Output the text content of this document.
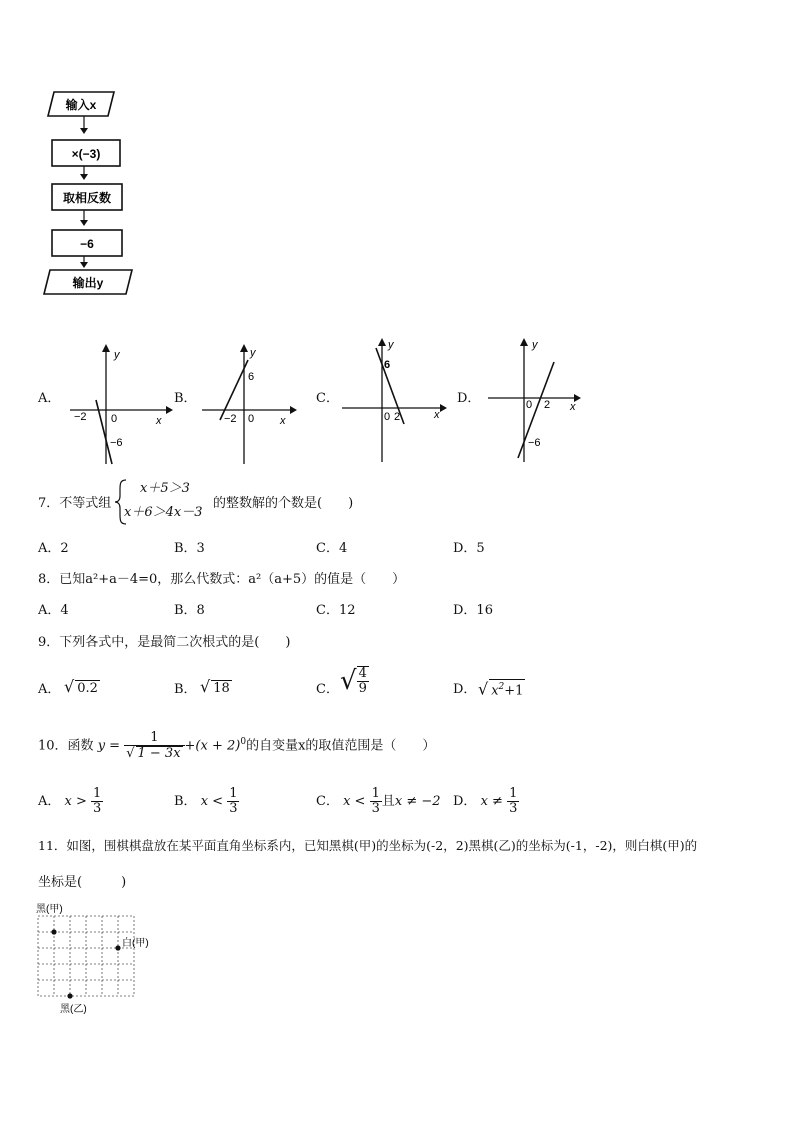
输入x
×(−3)
取相反数
−6
输出y
A．
y
x
0
−2
−6
B．
y
x
0
−2
6
C．
y
x
0 2
6
D．
y
x
0 2
−6
7．不等式组
x＋5＞3
x＋6＞4x－3
的整数解的个数是(　　)
A．2	B．3	C．4	D．5
8．已知a²+a－4=0，那么代数式：a²（a+5）的值是（　　）
A．4	B．8	C．12	D．16
9．下列各式中，是最简二次根式的是(　　)
A． √ 0.2	B． √ 18	C． √ $\frac{4}{9}$	D． √ $x^2+1$
10．函数 $y = \frac{1}{√ 1 - 3x} +(x + 2)^0$的自变量x的取值范围是（　　）
A． $x > \frac{1}{3}$	B． $x < \frac{1}{3}$	C． $x < \frac{1}{3}$ 且x ≠ −2 D． $x \ne \frac{1}{3}$
11．如图，围棋棋盘放在某平面直角坐标系内，已知黑棋(甲)的坐标为(-2，2)黑棋(乙)的坐标为(-1，-2)，则白棋(甲)的
坐标是(　　　)
黑(甲)
白(甲)
黑(乙)
